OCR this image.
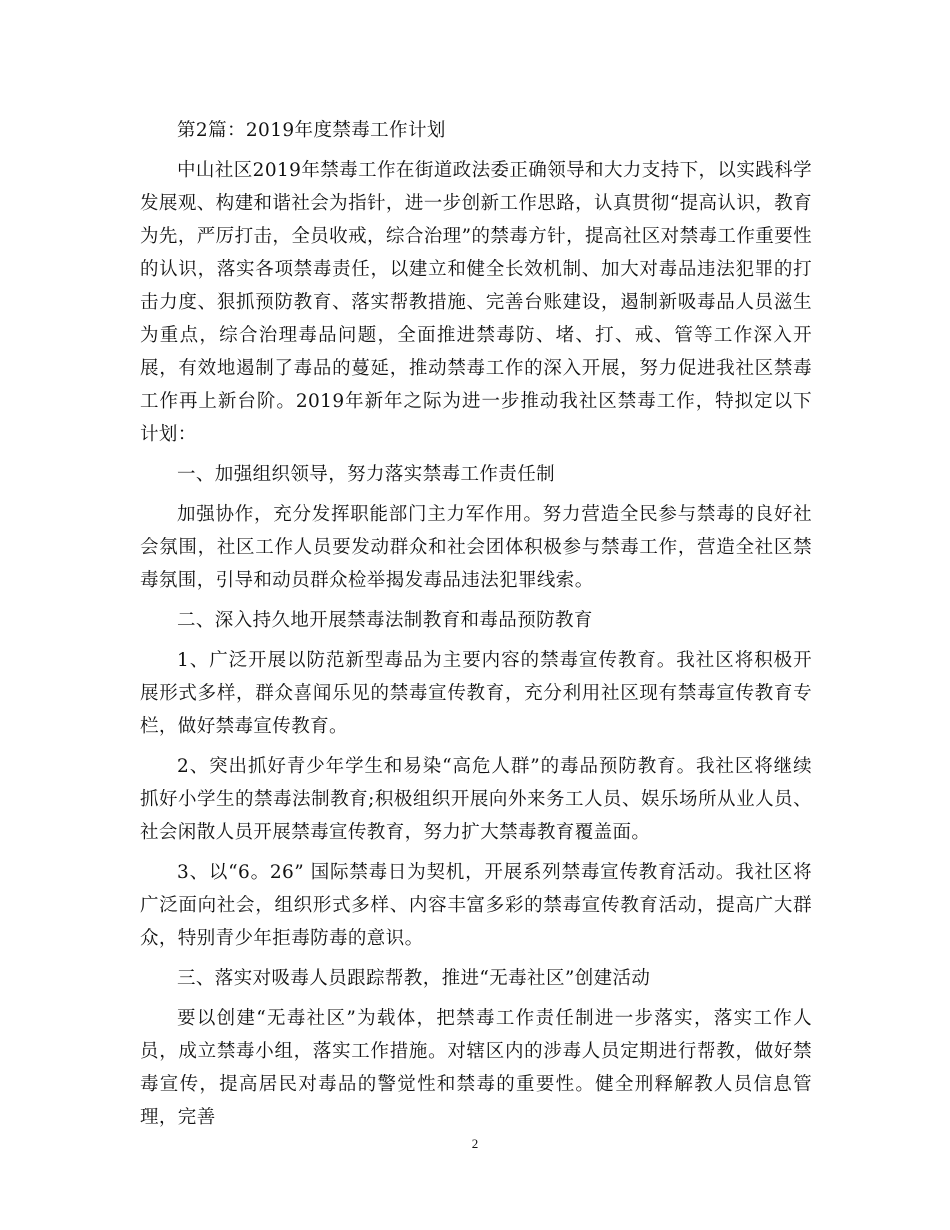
第2篇：2019年度禁毒工作计划

中山社区2019年禁毒工作在街道政法委正确领导和大力支持下，以实践科学发展观、构建和谐社会为指针，进一步创新工作思路，认真贯彻“提高认识，教育为先，严厉打击，全员收戒，综合治理”的禁毒方针，提高社区对禁毒工作重要性的认识，落实各项禁毒责任，以建立和健全长效机制、加大对毒品违法犯罪的打击力度、狠抓预防教育、落实帮教措施、完善台账建设，遏制新吸毒品人员滋生为重点，综合治理毒品问题，全面推进禁毒防、堵、打、戒、管等工作深入开展，有效地遏制了毒品的蔓延，推动禁毒工作的深入开展，努力促进我社区禁毒工作再上新台阶。2019年新年之际为进一步推动我社区禁毒工作，特拟定以下计划：

一、加强组织领导，努力落实禁毒工作责任制

加强协作，充分发挥职能部门主力军作用。努力营造全民参与禁毒的良好社会氛围，社区工作人员要发动群众和社会团体积极参与禁毒工作，营造全社区禁毒氛围，引导和动员群众检举揭发毒品违法犯罪线索。

二、深入持久地开展禁毒法制教育和毒品预防教育

1、广泛开展以防范新型毒品为主要内容的禁毒宣传教育。我社区将积极开展形式多样，群众喜闻乐见的禁毒宣传教育，充分利用社区现有禁毒宣传教育专栏，做好禁毒宣传教育。

2、突出抓好青少年学生和易染“高危人群”的毒品预防教育。我社区将继续抓好小学生的禁毒法制教育;积极组织开展向外来务工人员、娱乐场所从业人员、社会闲散人员开展禁毒宣传教育，努力扩大禁毒教育覆盖面。

3、以“6。26” 国际禁毒日为契机，开展系列禁毒宣传教育活动。我社区将广泛面向社会，组织形式多样、内容丰富多彩的禁毒宣传教育活动，提高广大群众，特别青少年拒毒防毒的意识。

三、落实对吸毒人员跟踪帮教，推进“无毒社区”创建活动

要以创建“无毒社区”为载体，把禁毒工作责任制进一步落实，落实工作人员，成立禁毒小组，落实工作措施。对辖区内的涉毒人员定期进行帮教，做好禁毒宣传，提高居民对毒品的警觉性和禁毒的重要性。健全刑释解教人员信息管理，完善

2
